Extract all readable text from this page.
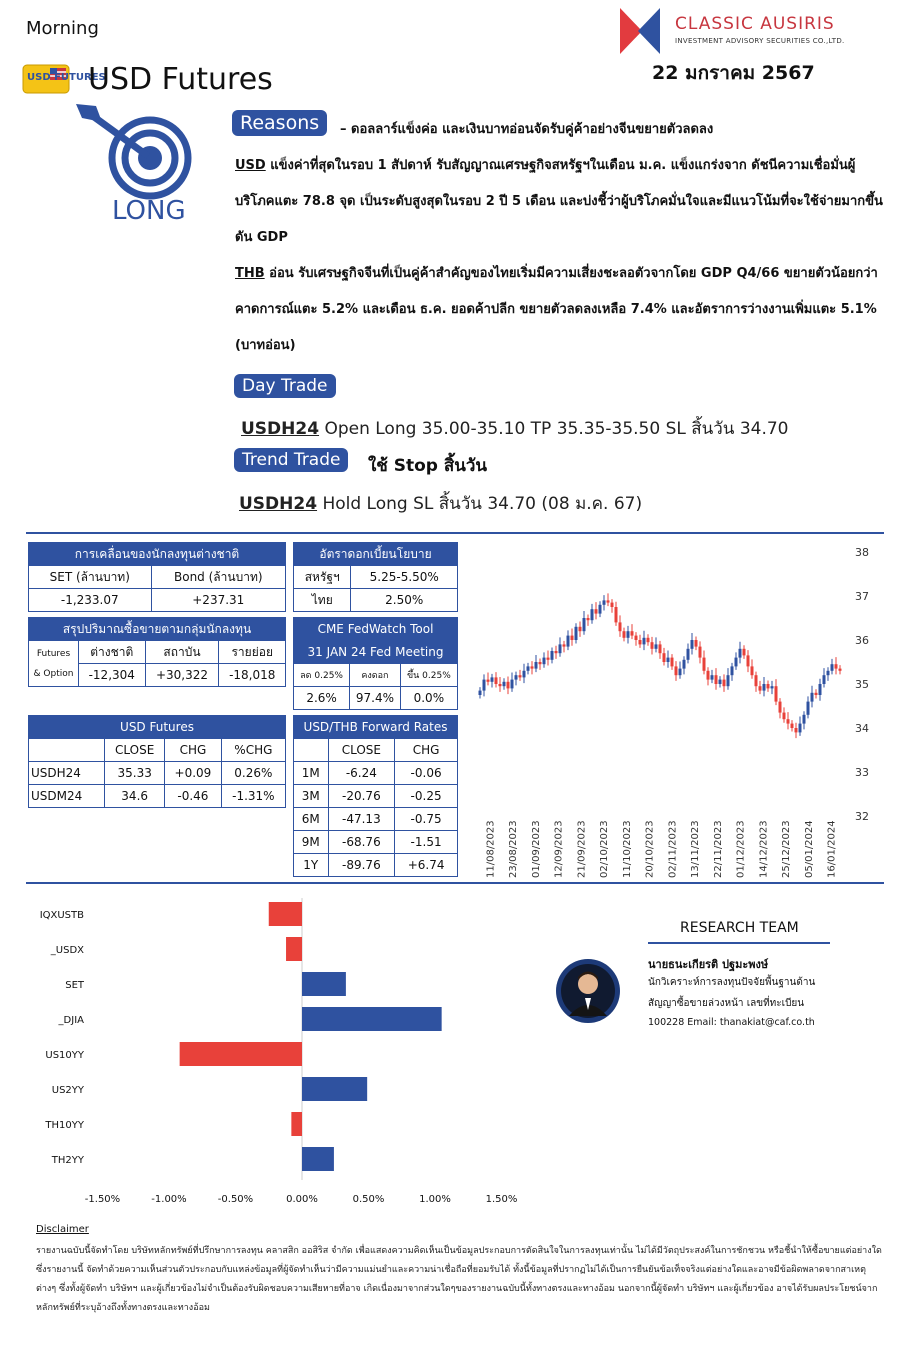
Morning	CLASSIC AUSIRIS
INVESTMENT ADVISORY SECURITIES CO.,LTD.
22 มกราคม 2567
USD FUTURES
USD Futures
LONG
Reasons	– ดอลลาร์แข็งค่อ และเงินบาทอ่อนจัดรับคู่ค้าอย่างจีนขยายตัวลดลง
USD แข็งค่าที่สุดในรอบ 1 สัปดาห์ รับสัญญาณเศรษฐกิจสหรัฐฯในเดือน ม.ค. แข็งแกร่งจาก ดัชนีความเชื่อมั่นผู้บริโภคแตะ 78.8 จุด เป็นระดับสูงสุดในรอบ 2 ปี 5 เดือน และบ่งชี้ว่าผู้บริโภคมั่นใจและมีแนวโน้มที่จะใช้จ่ายมากขึ้น ดัน GDP
THB อ่อน รับเศรษฐกิจจีนที่เป็นคู่ค้าสำคัญของไทยเริ่มมีความเสี่ยงชะลอตัวจากโดย GDP Q4/66 ขยายตัวน้อยกว่าคาดการณ์แตะ 5.2% และเดือน ธ.ค. ยอดค้าปลีก ขยายตัวลดลงเหลือ 7.4% และอัตราการว่างงานเพิ่มแตะ 5.1% (บาทอ่อน)
Day Trade
USDH24 Open Long 35.00-35.10 TP 35.35-35.50 SL สิ้นวัน 34.70
Trend Trade	ใช้ Stop สิ้นวัน
USDH24 Hold Long SL สิ้นวัน 34.70 (08 ม.ค. 67)
การเคลื่อนของนักลงทุนต่างชาติ	
SET (ล้านบาท)	Bond (ล้านบาท)
-1,233.07	+237.31
อัตราดอกเบี้ยนโยบาย	
สหรัฐฯ	5.25-5.50%
ไทย	2.50%
สรุปปริมาณซื้อขายตามกลุ่มนักลงทุน			
Futures
& Option	ต่างชาติ	สถาบัน	รายย่อย
	-12,304	+30,322	-18,018
CME FedWatch Tool		
31 JAN 24 Fed Meeting		
ลด 0.25%	คงดอก	ขึ้น 0.25%
2.6%	97.4%	0.0%
USD Futures			
	CLOSE	CHG	%CHG
USDH24	35.33	+0.09	0.26%
USDM24	34.6	-0.46	-1.31%
USD/THB Forward Rates		
	CLOSE	CHG
1M	-6.24	-0.06
3M	-20.76	-0.25
6M	-47.13	-0.75
9M	-68.76	-1.51
1Y	-89.76	+6.74
38
37
36
35
34
33
32
11/08/2023 23/08/2023 01/09/2023 12/09/2023 21/09/2023 02/10/2023 11/10/2023 20/10/2023 02/11/2023 13/11/2023 22/11/2023 01/12/2023 14/12/2023 25/12/2023 05/01/2024 16/01/2024
IQXUSTB
_USDX
SET
_DJIA
US10YY
US2YY
TH10YY
TH2YY
-1.50%	-1.00%	-0.50%	0.00%	0.50%	1.00%	1.50%
RESEARCH TEAM
นายธนะเกียรติ ปฐมะพงษ์
นักวิเคราะห์การลงทุนปัจจัยพื้นฐานด้าน
สัญญาซื้อขายล่วงหน้า เลขที่ทะเบียน
100228 Email: thanakiat@caf.co.th
Disclaimer
รายงานฉบับนี้จัดทำโดย บริษัทหลักทรัพย์ที่ปรึกษาการลงทุน คลาสสิก ออสิริส จำกัด เพื่อแสดงความคิดเห็นเป็นข้อมูลประกอบการตัดสินใจในการลงทุนเท่านั้น ไม่ได้มีวัตถุประสงค์ในการชักชวน หรือชี้นำให้ซื้อขายแต่อย่างใด ซึ่งรายงานนี้ จัดทำด้วยความเห็นส่วนตัวประกอบกับแหล่งข้อมูลที่ผู้จัดทำเห็นว่ามีความแม่นยำและความน่าเชื่อถือที่ยอมรับได้ ทั้งนี้ข้อมูลที่ปรากฏไม่ได้เป็นการยืนยันข้อเท็จจริงแต่อย่างใดและอาจมีข้อผิดพลาดจากสาเหตุต่างๆ ซึ่งทั้งผู้จัดทำ บริษัทฯ และผู้เกี่ยวข้องไม่จำเป็นต้องรับผิดชอบความเสียหายที่อาจ เกิดเนื่องมาจากส่วนใดๆของรายงานฉบับนี้ทั้งทางตรงและทางอ้อม นอกจากนี้ผู้จัดทำ บริษัทฯ และผู้เกี่ยวข้อง อาจได้รับผลประโยชน์จากหลักทรัพย์ที่ระบุอ้างถึงทั้งทางตรงและทางอ้อม
